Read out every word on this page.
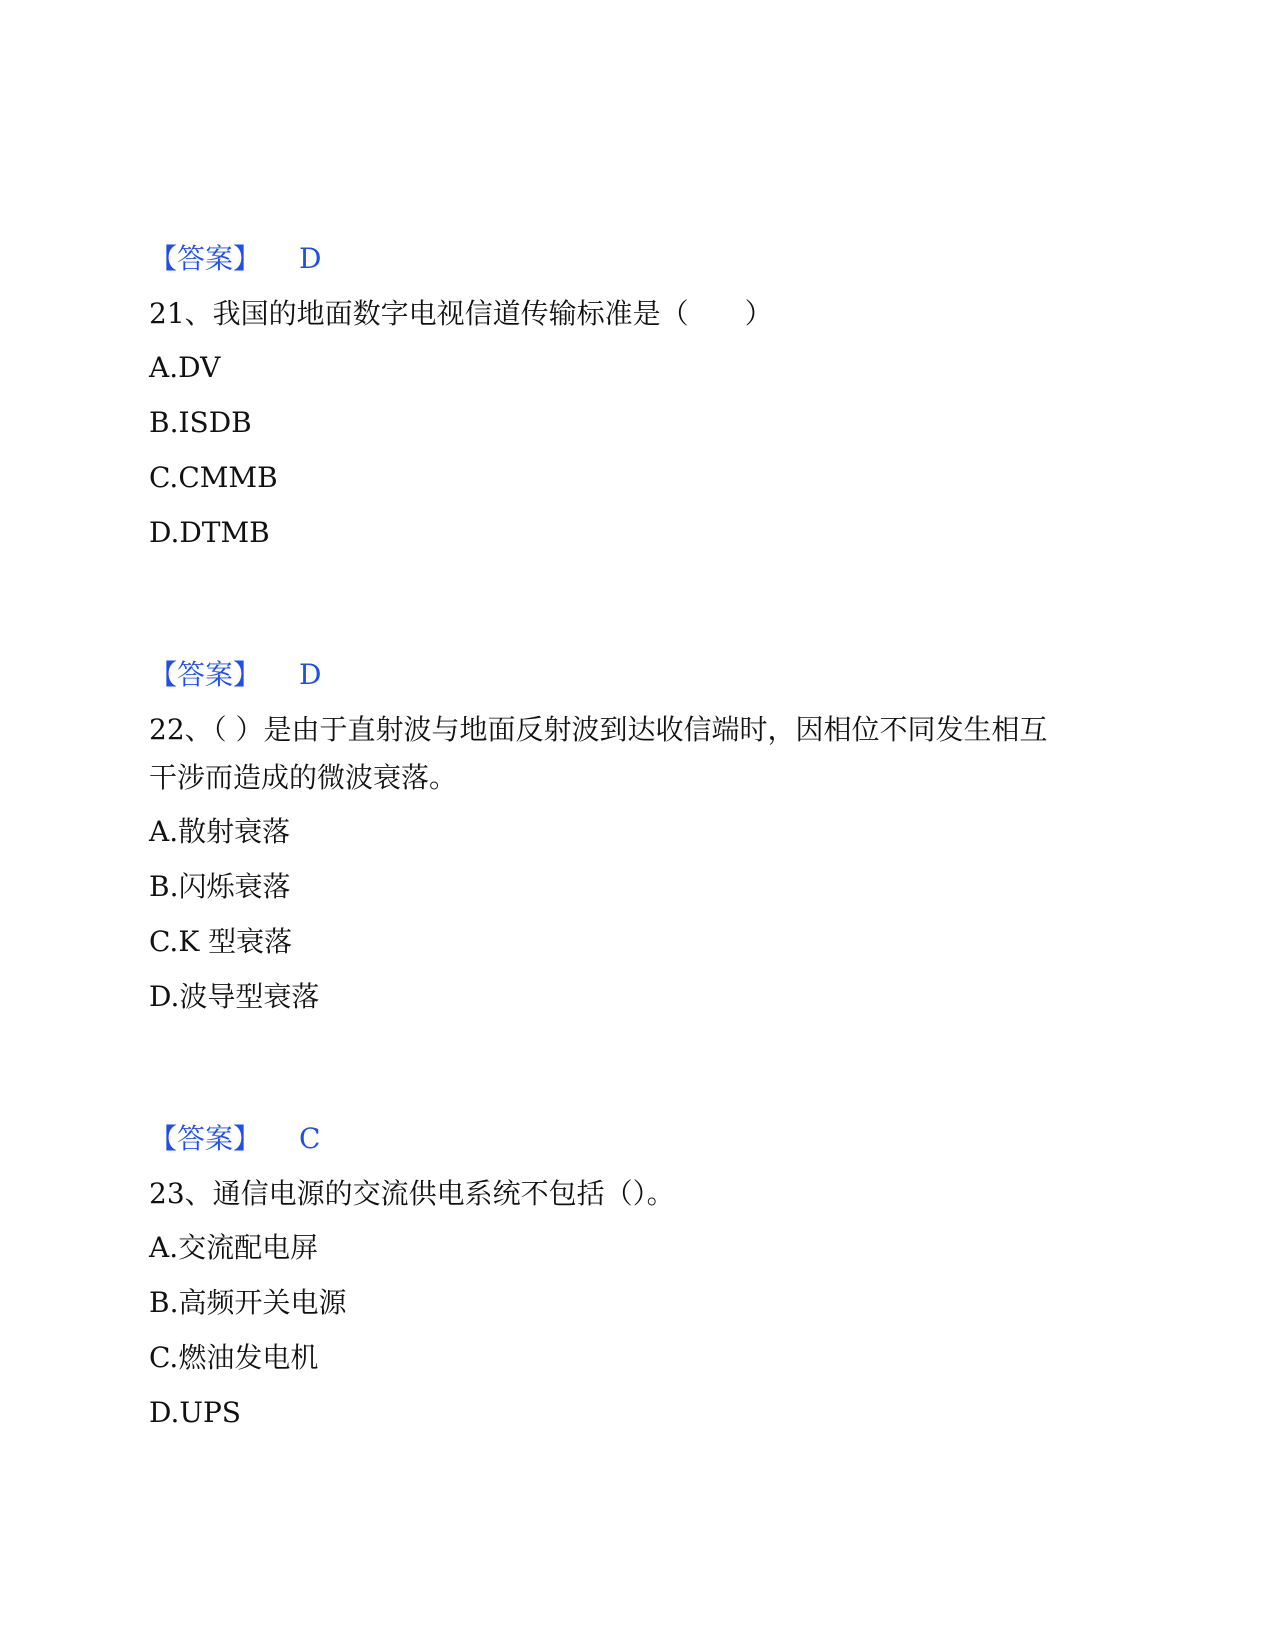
【答案】 D
21、我国的地面数字电视信道传输标准是（　　）
A.DV
B.ISDB
C.CMMB
D.DTMB
【答案】 D
22、（ ）是由于直射波与地面反射波到达收信端时，因相位不同发生相互
干涉而造成的微波衰落。
A.散射衰落
B.闪烁衰落
C.K 型衰落
D.波导型衰落
【答案】 C
23、通信电源的交流供电系统不包括（）。
A.交流配电屏
B.高频开关电源
C.燃油发电机
D.UPS
